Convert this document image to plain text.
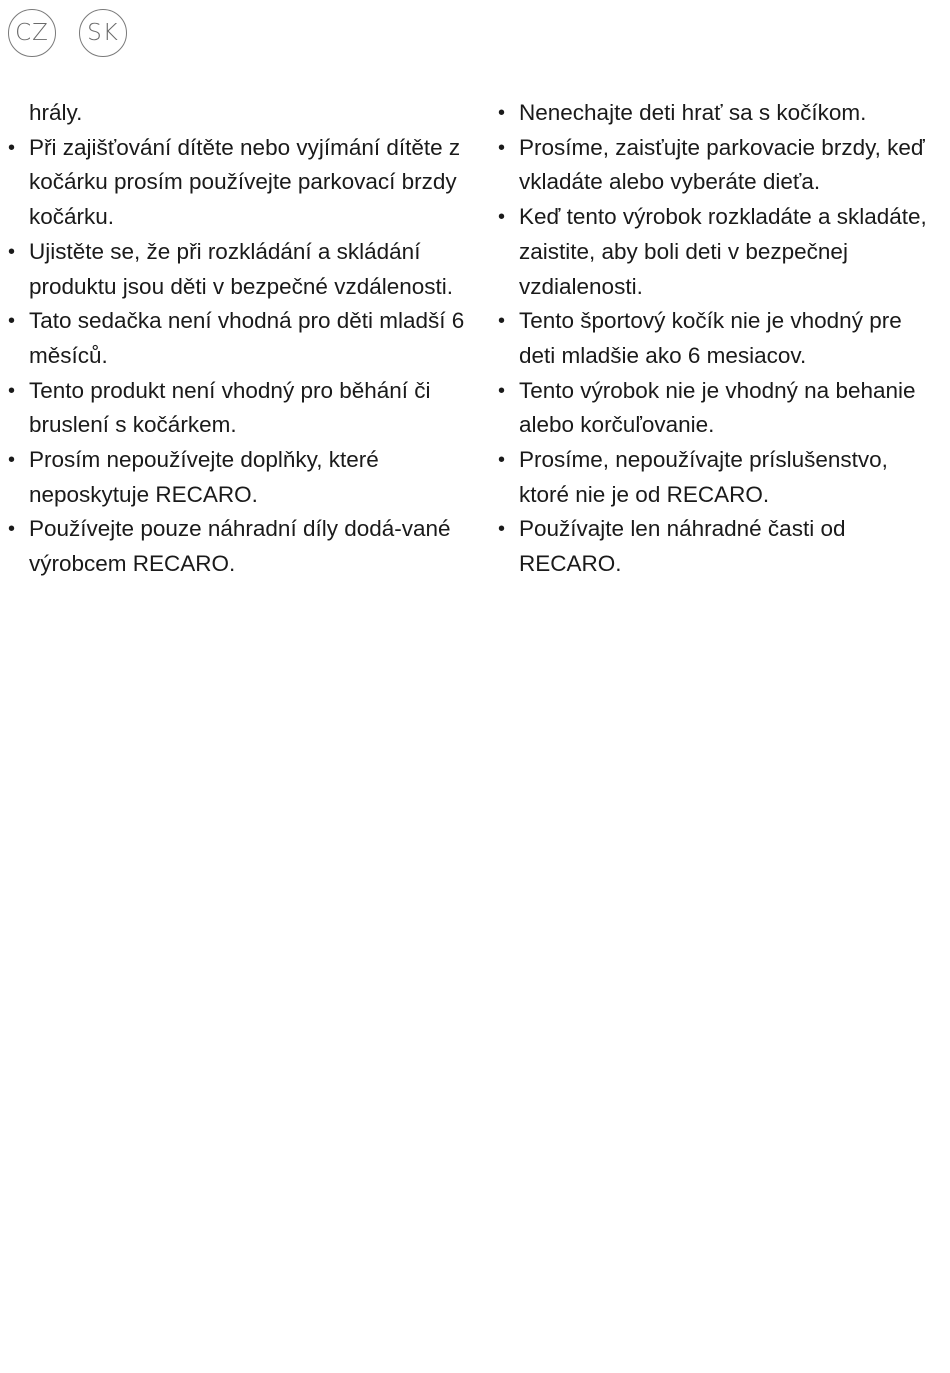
CZ	SK
hrály.
• Při zajišťování dítěte nebo vyjímání dítěte z kočárku prosím používejte parkovací brzdy kočárku.
• Ujistěte se, že při rozkládání a skládání produktu jsou děti v bezpečné vzdálenosti.
• Tato sedačka není vhodná pro děti mladší 6 měsíců.
• Tento produkt není vhodný pro běhání či bruslení s kočárkem.
• Prosím nepoužívejte doplňky, které neposkytuje RECARO.
• Používejte pouze náhradní díly dodá-vané výrobcem RECARO.
• Nenechajte deti hrať sa s kočíkom.
• Prosíme, zaisťujte parkovacie brzdy, keď vkladáte alebo vyberáte dieťa.
• Keď tento výrobok rozkladáte a skladáte, zaistite, aby boli deti v bezpečnej vzdialenosti.
• Tento športový kočík nie je vhodný pre deti mladšie ako 6 mesiacov.
• Tento výrobok nie je vhodný na behanie alebo korčuľovanie.
• Prosíme, nepoužívajte príslušenstvo, ktoré nie je od RECARO.
• Používajte len náhradné časti od RECARO.
